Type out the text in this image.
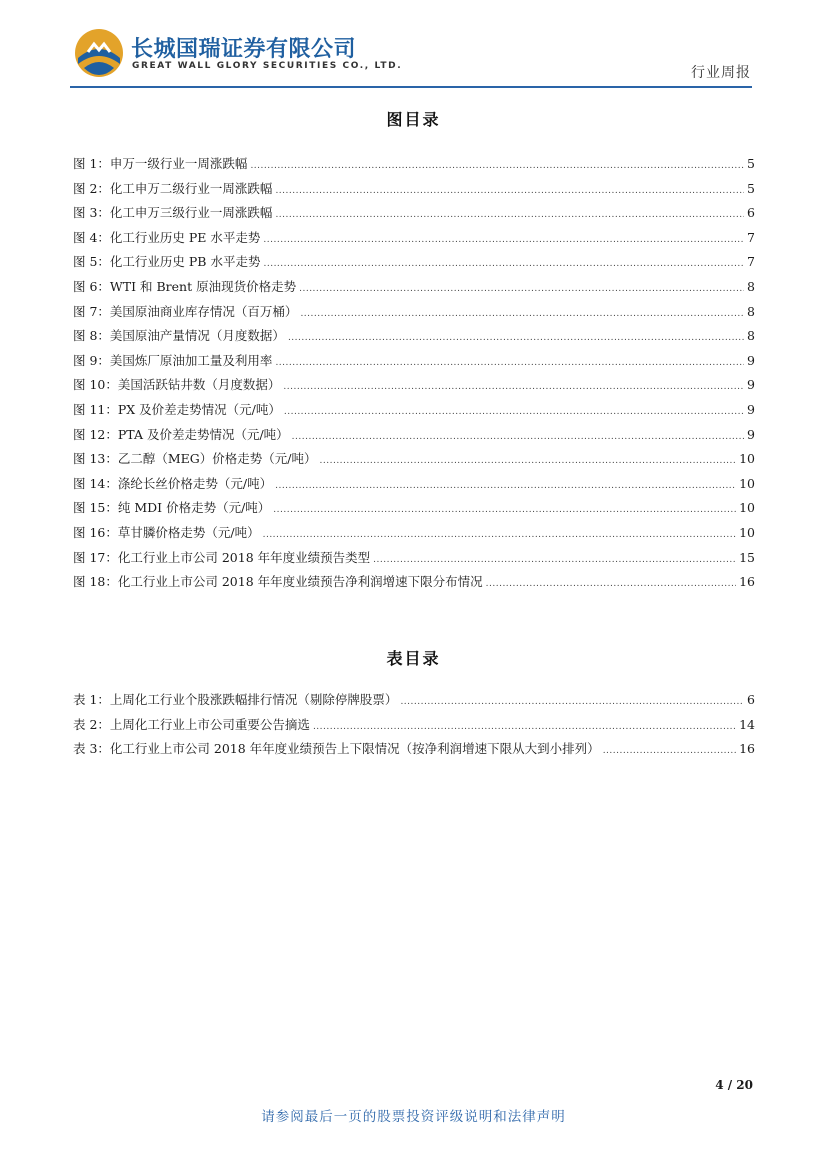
长城国瑞证券有限公司
GREAT WALL GLORY SECURITIES CO., LTD.	行业周报
图目录
图 1：申万一级行业一周涨跌幅 .....	5
图 2：化工申万二级行业一周涨跌幅 .....	5
图 3：化工申万三级行业一周涨跌幅 .....	6
图 4：化工行业历史 PE 水平走势 .....	7
图 5：化工行业历史 PB 水平走势 .....	7
图 6：WTI 和 Brent 原油现货价格走势 .....	8
图 7：美国原油商业库存情况（百万桶） .....	8
图 8：美国原油产量情况（月度数据） .....	8
图 9：美国炼厂原油加工量及利用率 .....	9
图 10：美国活跃钻井数（月度数据） .....	9
图 11：PX 及价差走势情况（元/吨） .....	9
图 12：PTA 及价差走势情况（元/吨） .....	9
图 13：乙二醇（MEG）价格走势（元/吨） .....	10
图 14：涤纶长丝价格走势（元/吨） .....	10
图 15：纯 MDI 价格走势（元/吨） .....	10
图 16：草甘膦价格走势（元/吨） .....	10
图 17：化工行业上市公司 2018 年年度业绩预告类型 .....	15
图 18：化工行业上市公司 2018 年年度业绩预告净利润增速下限分布情况 .....	16
表目录
表 1：上周化工行业个股涨跌幅排行情况（剔除停牌股票） .....	6
表 2：上周化工行业上市公司重要公告摘选 .....	14
表 3：化工行业上市公司 2018 年年度业绩预告上下限情况（按净利润增速下限从大到小排列） .....	16
4 / 20
请参阅最后一页的股票投资评级说明和法律声明
